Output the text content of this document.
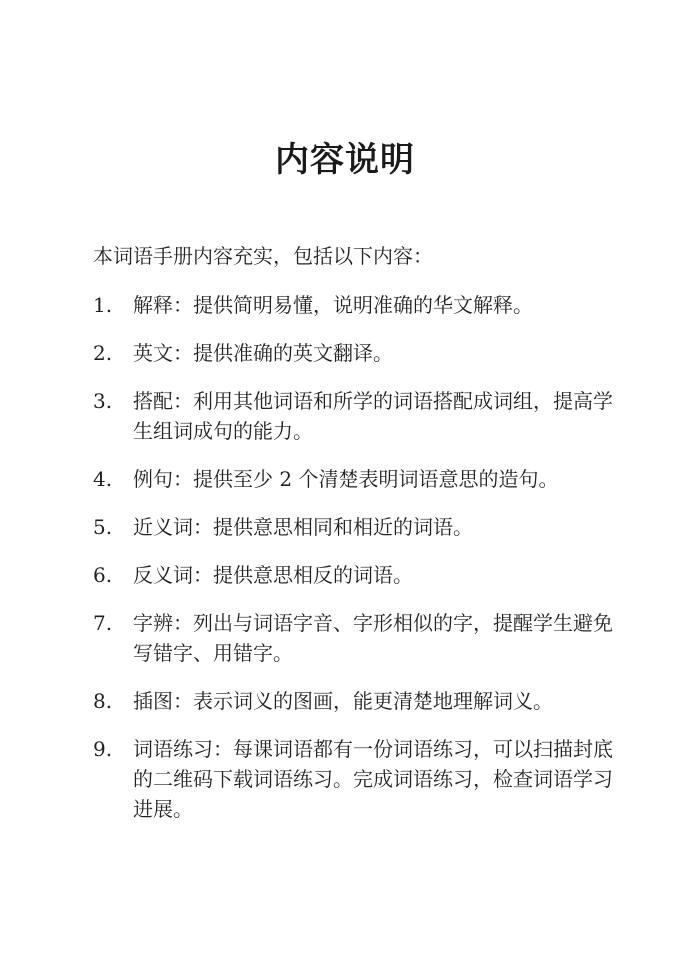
内容说明
本词语手册内容充实，包括以下内容：
1.	解释：提供简明易懂，说明准确的华文解释。
2.	英文：提供准确的英文翻译。
3.	搭配：利用其他词语和所学的词语搭配成词组，提高学生组词成句的能力。
4.	例句：提供至少 2 个清楚表明词语意思的造句。
5.	近义词：提供意思相同和相近的词语。
6.	反义词：提供意思相反的词语。
7.	字辨：列出与词语字音、字形相似的字，提醒学生避免写错字、用错字。
8.	插图：表示词义的图画，能更清楚地理解词义。
9.	词语练习：每课词语都有一份词语练习，可以扫描封底的二维码下载词语练习。完成词语练习，检查词语学习进展。
